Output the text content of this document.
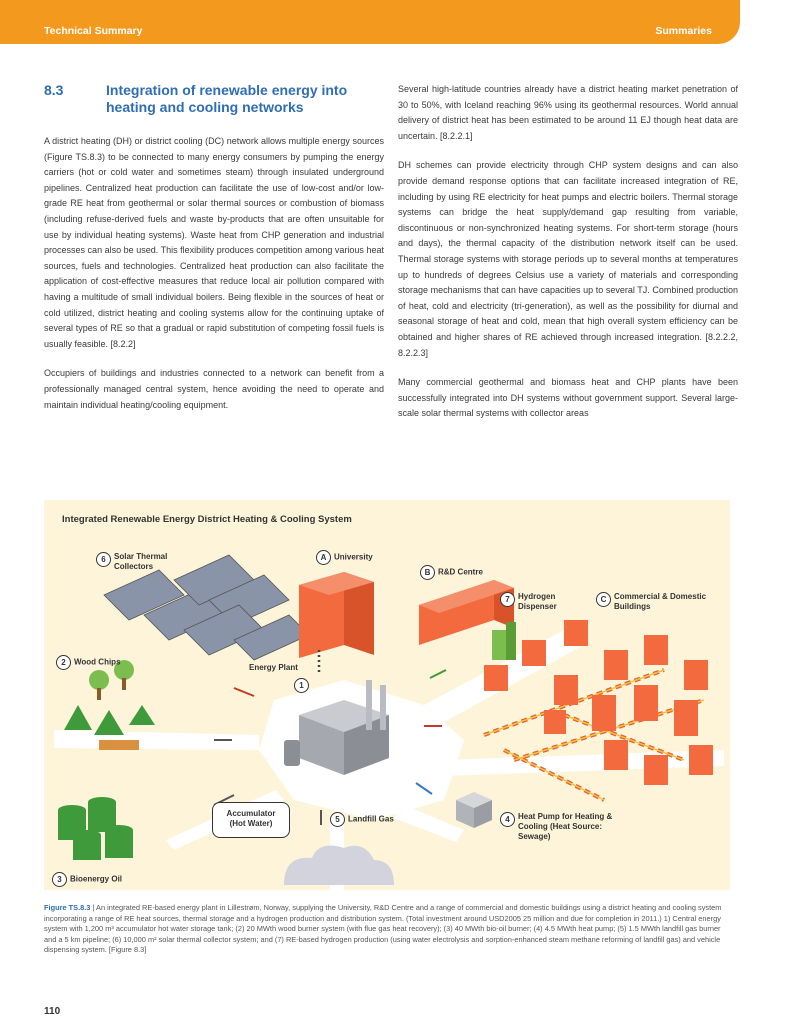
Technical Summary	Summaries
8.3	Integration of renewable energy into heating and cooling networks

A district heating (DH) or district cooling (DC) network allows multiple energy sources (Figure TS.8.3) to be connected to many energy consumers by pumping the energy carriers (hot or cold water and sometimes steam) through insulated underground pipelines. Centralized heat production can facilitate the use of low-cost and/or low-grade RE heat from geothermal or solar thermal sources or combustion of biomass (including refuse-derived fuels and waste by-products that are often unsuitable for use by individual heating systems). Waste heat from CHP generation and industrial processes can also be used. This flexibility produces competition among various heat sources, fuels and technologies. Centralized heat production can also facilitate the application of cost-effective measures that reduce local air pollution compared with having a multitude of small individual boilers. Being flexible in the sources of heat or cold utilized, district heating and cooling systems allow for the continuing uptake of several types of RE so that a gradual or rapid substitution of competing fossil fuels is usually feasible. [8.2.2]

Occupiers of buildings and industries connected to a network can benefit from a professionally managed central system, hence avoiding the need to operate and maintain individual heating/cooling equipment.

Several high-latitude countries already have a district heating market penetration of 30 to 50%, with Iceland reaching 96% using its geothermal resources. World annual delivery of district heat has been estimated to be around 11 EJ though heat data are uncertain. [8.2.2.1]

DH schemes can provide electricity through CHP system designs and can also provide demand response options that can facilitate increased integration of RE, including by using RE electricity for heat pumps and electric boilers. Thermal storage systems can bridge the heat supply/demand gap resulting from variable, discontinuous or non-synchronized heating systems. For short-term storage (hours and days), the thermal capacity of the distribution network itself can be used. Thermal storage systems with storage periods up to several months at temperatures up to hundreds of degrees Celsius use a variety of materials and corresponding storage mechanisms that can have capacities up to several TJ. Combined production of heat, cold and electricity (tri-generation), as well as the possibility for diurnal and seasonal storage of heat and cold, mean that high overall system efficiency can be obtained and higher shares of RE achieved through increased integration. [8.2.2.2, 8.2.2.3]

Many commercial geothermal and biomass heat and CHP plants have been successfully integrated into DH systems without government support. Several large-scale solar thermal systems with collector areas

Integrated Renewable Energy District Heating & Cooling System
6 Solar Thermal Collectors
A University
B R&D Centre
7 Hydrogen Dispenser
C Commercial & Domestic Buildings
2 Wood Chips
Energy Plant
1
Accumulator (Hot Water)	5 Landfill Gas	4 Heat Pump for Heating & Cooling (Heat Source: Sewage)
3 Bioenergy Oil
Figure TS.8.3 | An integrated RE-based energy plant in Lillestrøm, Norway, supplying the University, R&D Centre and a range of commercial and domestic buildings using a district heating and cooling system incorporating a range of RE heat sources, thermal storage and a hydrogen production and distribution system. (Total investment around USD2005 25 million and due for completion in 2011.) 1) Central energy system with 1,200 m³ accumulator hot water storage tank; (2) 20 MWth wood burner system (with flue gas heat recovery); (3) 40 MWth bio-oil burner; (4) 4.5 MWth heat pump; (5) 1.5 MWth landfill gas burner and a 5 km pipeline; (6) 10,000 m² solar thermal collector system; and (7) RE-based hydrogen production (using water electrolysis and sorption-enhanced steam methane reforming of landfill gas) and vehicle dispensing system. [Figure 8.3]
110
